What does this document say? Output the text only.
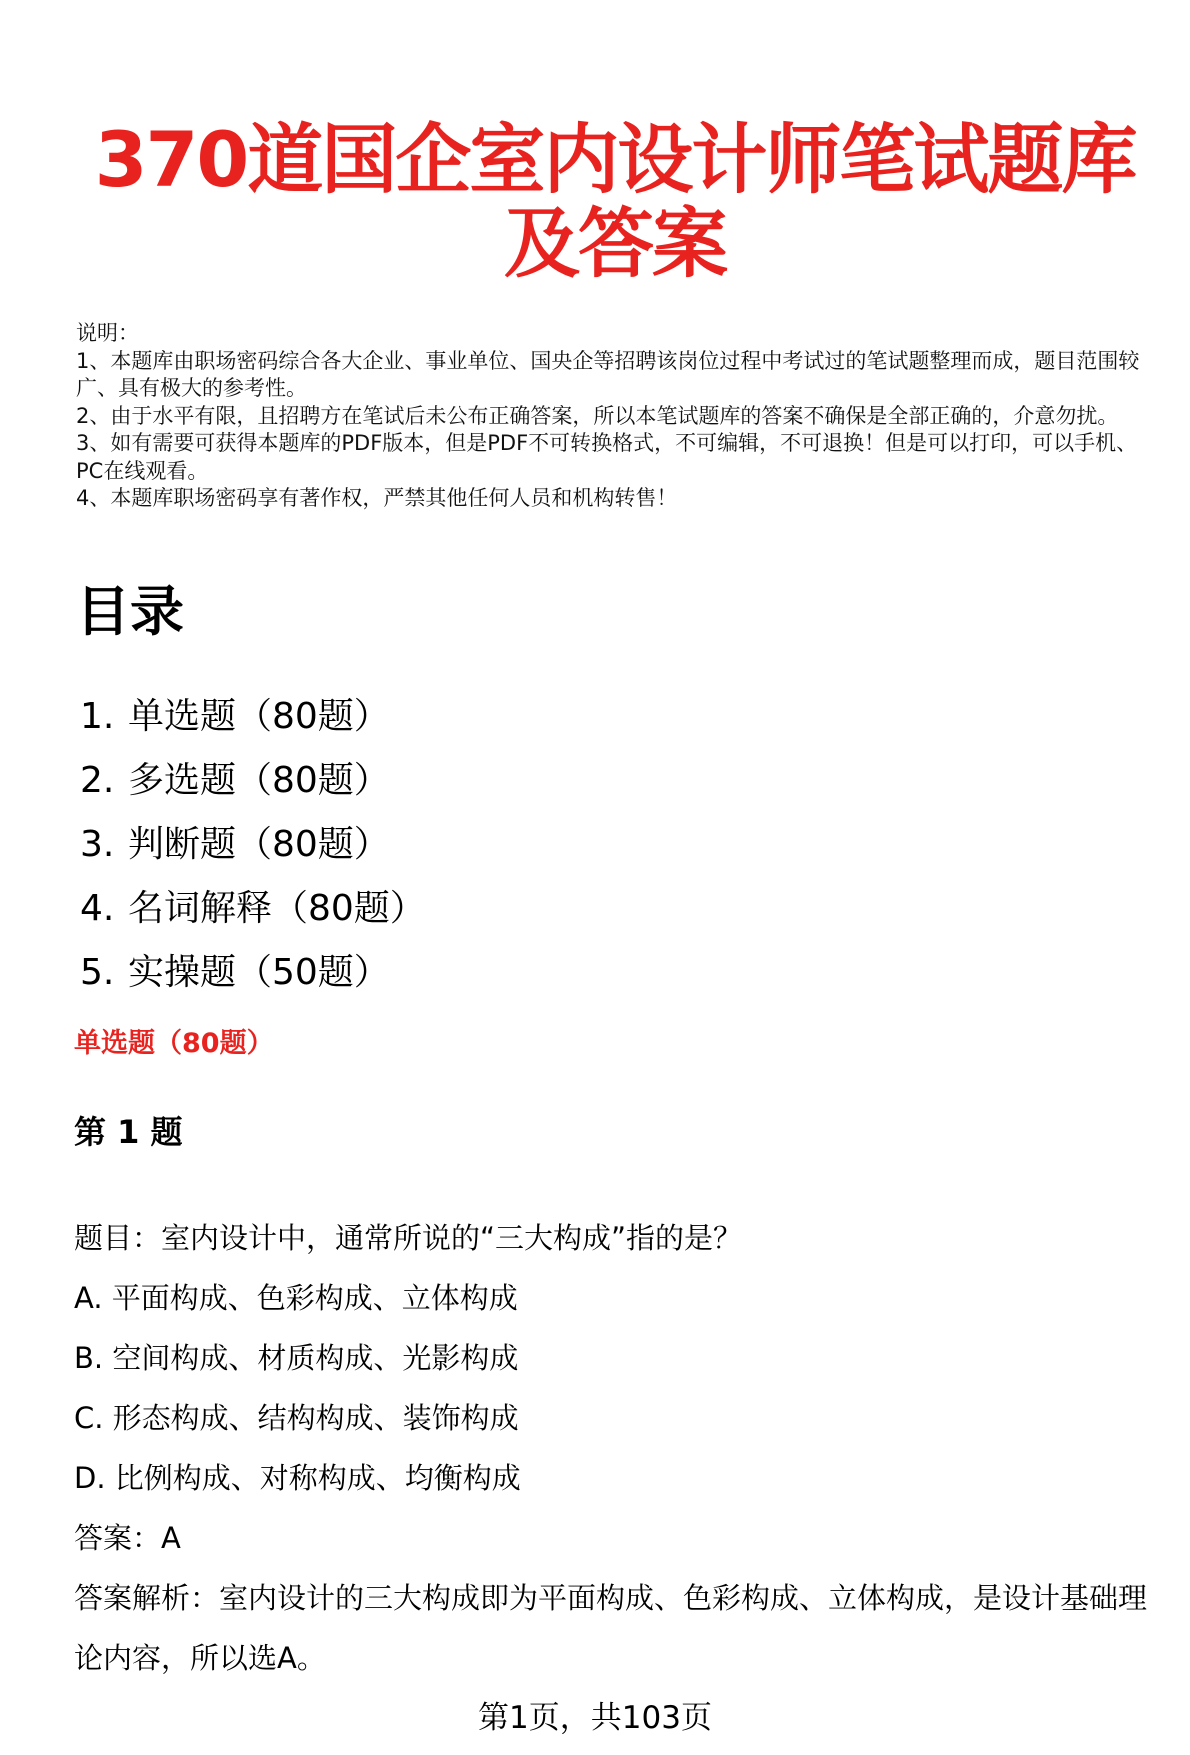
370道国企室内设计师笔试题库及答案
说明：
1、本题库由职场密码综合各大企业、事业单位、国央企等招聘该岗位过程中考试过的笔试题整理而成，题目范围较广、具有极大的参考性。
2、由于水平有限，且招聘方在笔试后未公布正确答案，所以本笔试题库的答案不确保是全部正确的，介意勿扰。
3、如有需要可获得本题库的PDF版本，但是PDF不可转换格式，不可编辑，不可退换！但是可以打印，可以手机、PC在线观看。
4、本题库职场密码享有著作权，严禁其他任何人员和机构转售！
目录
1. 单选题（80题）
2. 多选题（80题）
3. 判断题（80题）
4. 名词解释（80题）
5. 实操题（50题）
单选题（80题）
第 1 题
题目：室内设计中，通常所说的“三大构成”指的是？
A. 平面构成、色彩构成、立体构成
B. 空间构成、材质构成、光影构成
C. 形态构成、结构构成、装饰构成
D. 比例构成、对称构成、均衡构成
答案：A
答案解析：室内设计的三大构成即为平面构成、色彩构成、立体构成，是设计基础理论内容，所以选A。
第1页，共103页
